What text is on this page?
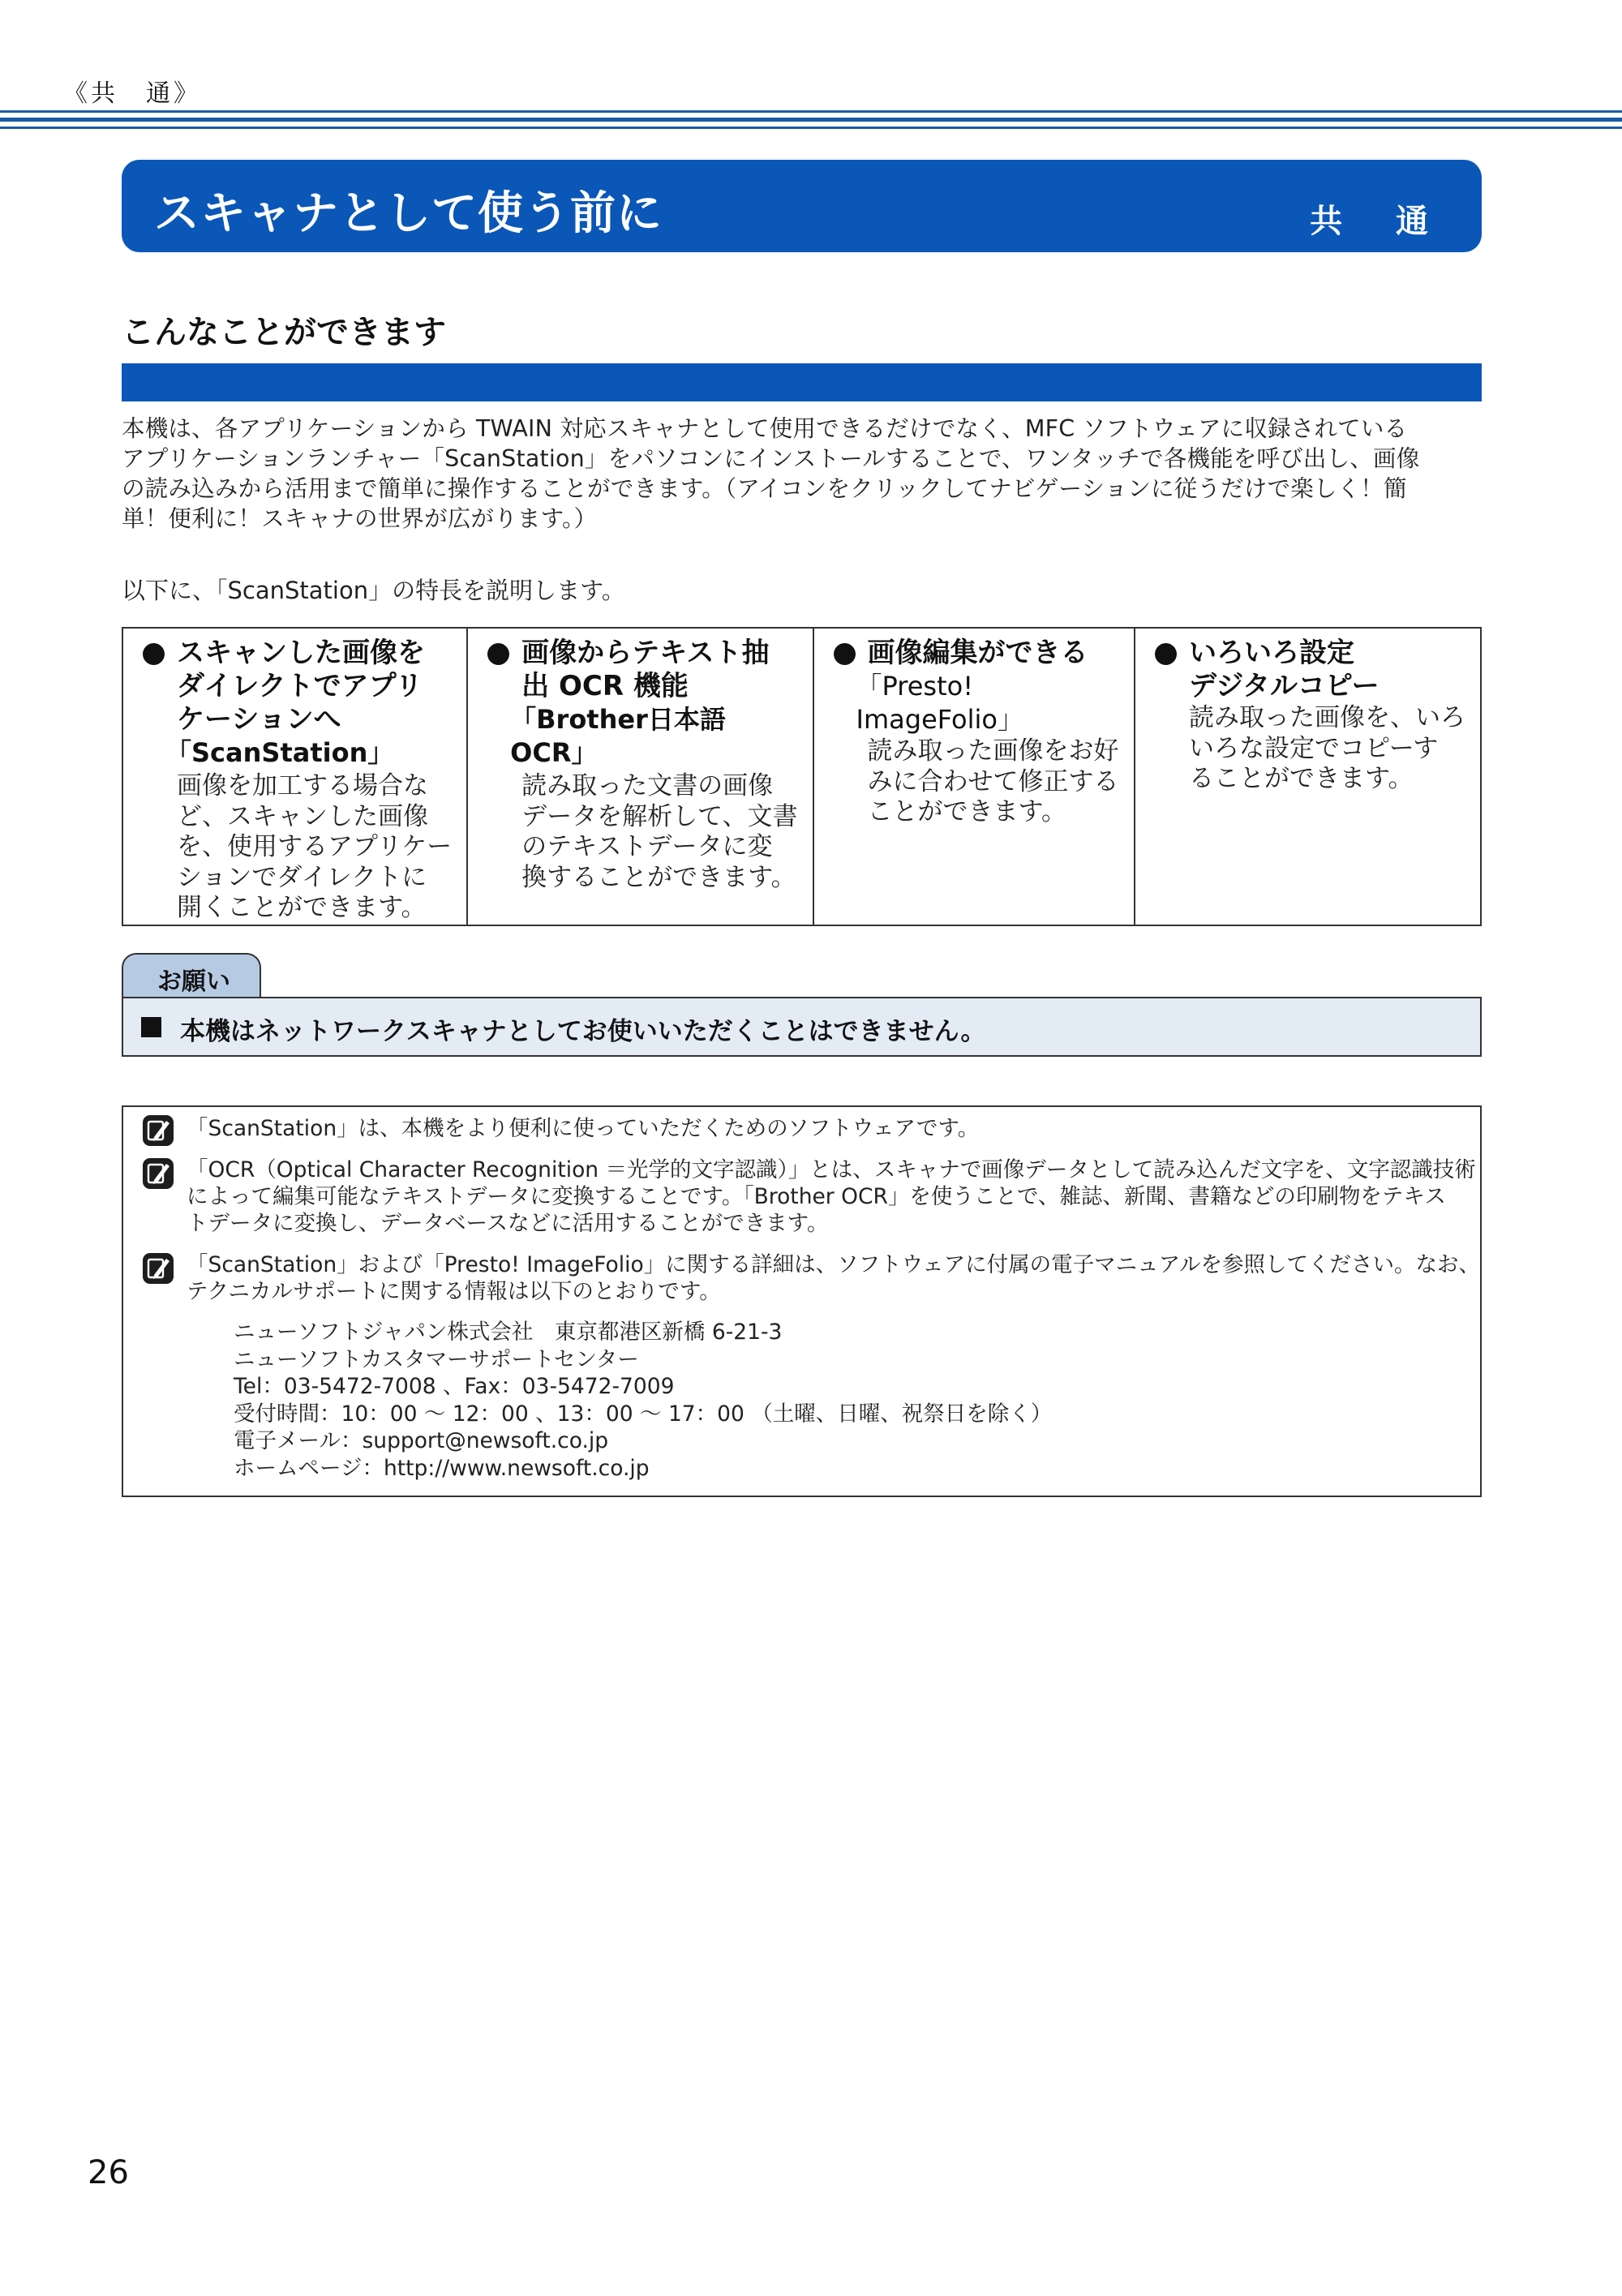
《共　通》
スキャナとして使う前に	共 通
こんなことができます
本機は、各アプリケーションから TWAIN 対応スキャナとして使用できるだけでなく、MFC ソフトウェアに収録されている
アプリケーションランチャー「ScanStation」をパソコンにインストールすることで、ワンタッチで各機能を呼び出し、画像
の読み込みから活用まで簡単に操作することができます。（アイコンをクリックしてナビゲーションに従うだけで楽しく！簡
単！便利に！スキャナの世界が広がります。）
以下に、「ScanStation」の特長を説明します。
スキャンした画像を
ダイレクトでアプリ
ケーションへ
「ScanStation」
画像を加工する場合な
ど、スキャンした画像
を、使用するアプリケー
ションでダイレクトに
開くことができます。
画像からテキスト抽
出 OCR 機能
「Brother日本語OCR」
読み取った文書の画像
データを解析して、文書
のテキストデータに変
換することができます。
画像編集ができる
「Presto! ImageFolio」
読み取った画像をお好
みに合わせて修正する
ことができます。
いろいろ設定
デジタルコピー
読み取った画像を、いろ
いろな設定でコピーす
ることができます。
お願い
本機はネットワークスキャナとしてお使いいただくことはできません。
「ScanStation」は、本機をより便利に使っていただくためのソフトウェアです。
「OCR（Optical Character Recognition ＝光学的文字認識）」とは、スキャナで画像データとして読み込んだ文字を、文字認識技術
によって編集可能なテキストデータに変換することです。「Brother OCR」を使うことで、雑誌、新聞、書籍などの印刷物をテキス
トデータに変換し、データベースなどに活用することができます。
「ScanStation」および「Presto! ImageFolio」に関する詳細は、ソフトウェアに付属の電子マニュアルを参照してください。なお、
テクニカルサポートに関する情報は以下のとおりです。
ニューソフトジャパン株式会社　東京都港区新橋 6-21-3
ニューソフトカスタマーサポートセンター
Tel：03-5472-7008 、Fax：03-5472-7009
受付時間：10：00 〜 12：00 、13：00 〜 17：00 （土曜、日曜、祝祭日を除く）
電子メール：support@newsoft.co.jp
ホームページ：http://www.newsoft.co.jp
26
